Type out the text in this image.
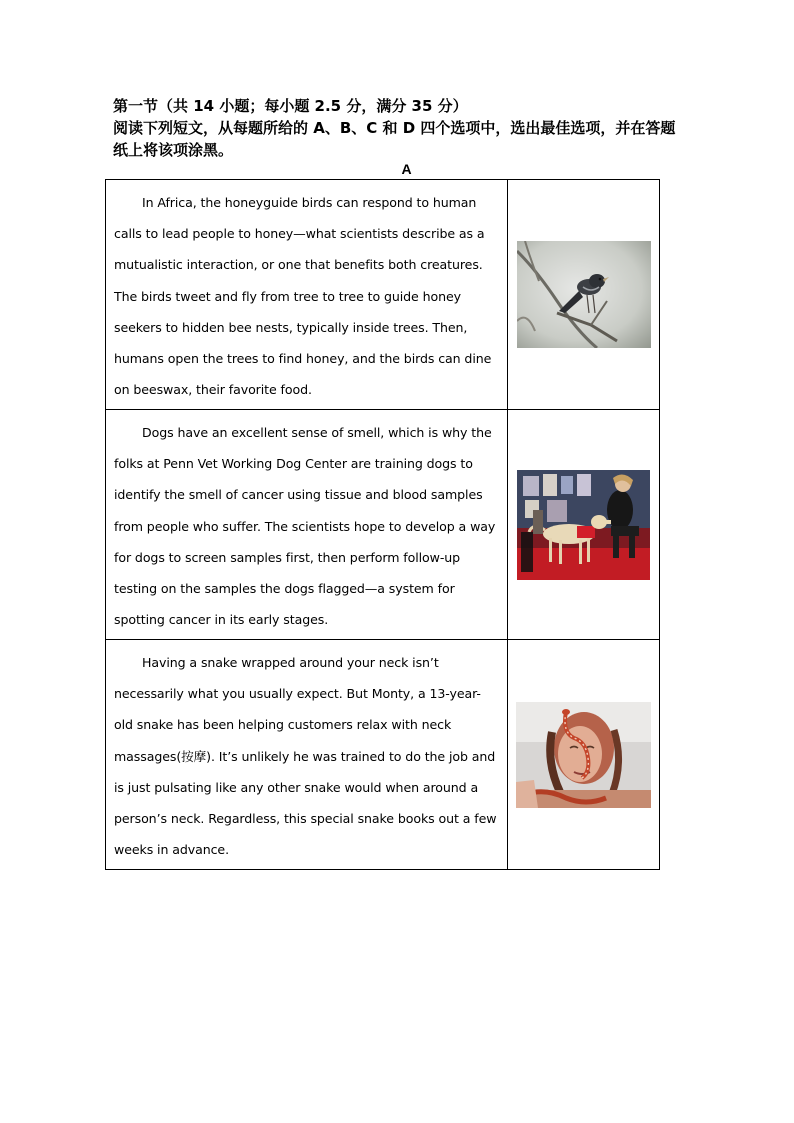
第一节（共 14 小题；每小题 2.5 分，满分 35 分）
阅读下列短文，从每题所给的 A、B、C 和 D 四个选项中，选出最佳选项，并在答题
纸上将该项涂黑。
A

In Africa, the honeyguide birds can respond to human calls to lead people to honey—what scientists describe as a mutualistic interaction, or one that benefits both creatures. The birds tweet and fly from tree to tree to guide honey seekers to hidden bee nests, typically inside trees. Then, humans open the trees to find honey, and the birds can dine on beeswax, their favorite food.

Dogs have an excellent sense of smell, which is why the folks at Penn Vet Working Dog Center are training dogs to identify the smell of cancer using tissue and blood samples from people who suffer. The scientists hope to develop a way for dogs to screen samples first, then perform follow-up testing on the samples the dogs flagged—a system for spotting cancer in its early stages.

Having a snake wrapped around your neck isn’t necessarily what you usually expect. But Monty, a 13-year-old snake has been helping customers relax with neck massages(按摩). It’s unlikely he was trained to do the job and is just pulsating like any other snake would when around a person’s neck. Regardless, this special snake books out a few weeks in advance.
